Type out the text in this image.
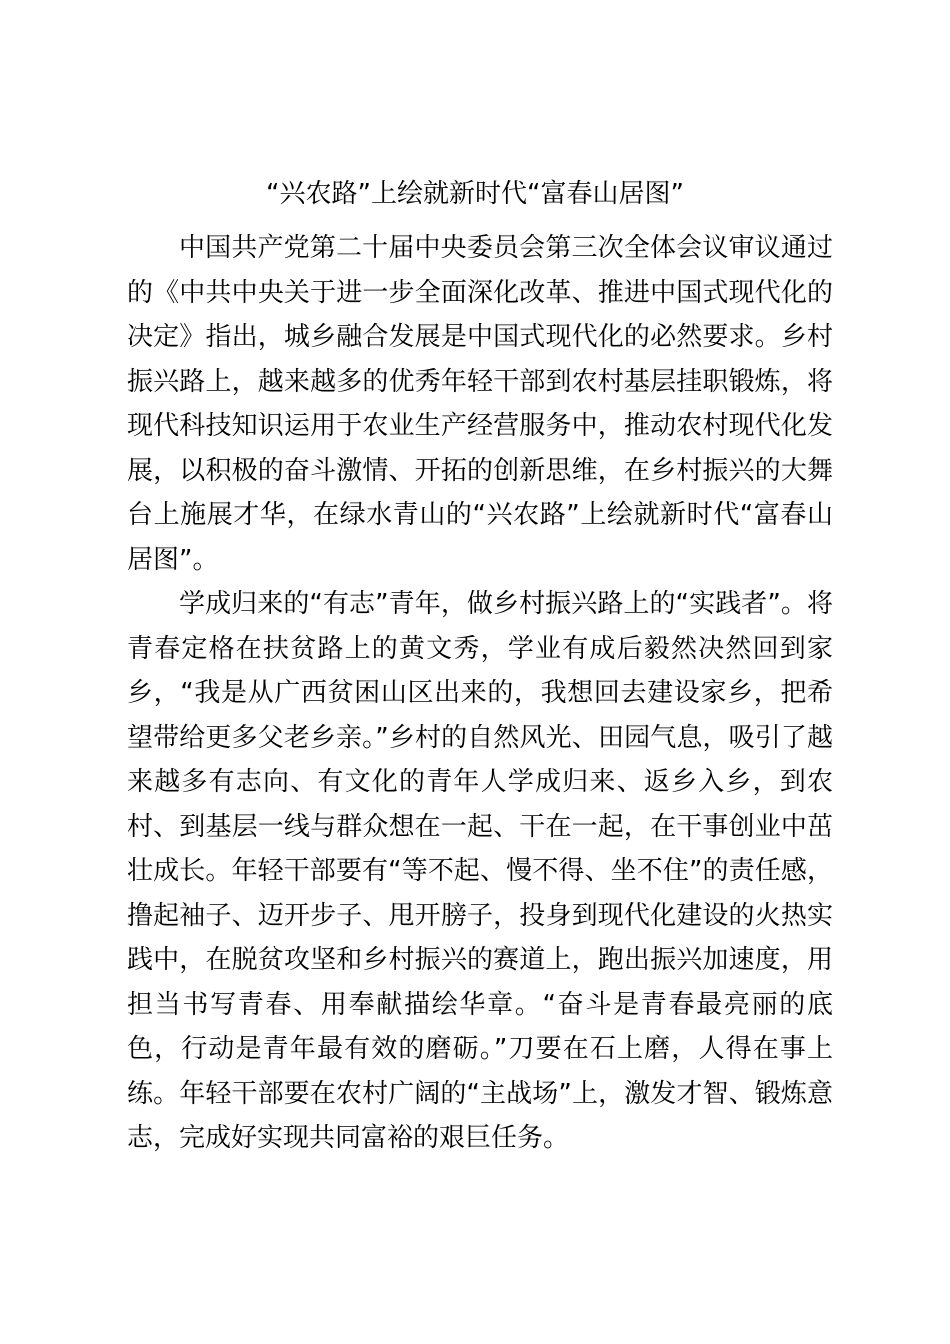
“兴农路”上绘就新时代“富春山居图”

中国共产党第二十届中央委员会第三次全体会议审议通过的《中共中央关于进一步全面深化改革、推进中国式现代化的决定》指出，城乡融合发展是中国式现代化的必然要求。乡村振兴路上，越来越多的优秀年轻干部到农村基层挂职锻炼，将现代科技知识运用于农业生产经营服务中，推动农村现代化发展，以积极的奋斗激情、开拓的创新思维，在乡村振兴的大舞台上施展才华，在绿水青山的“兴农路”上绘就新时代“富春山居图”。

学成归来的“有志”青年，做乡村振兴路上的“实践者”。将青春定格在扶贫路上的黄文秀，学业有成后毅然决然回到家乡，“我是从广西贫困山区出来的，我想回去建设家乡，把希望带给更多父老乡亲。”乡村的自然风光、田园气息，吸引了越来越多有志向、有文化的青年人学成归来、返乡入乡，到农村、到基层一线与群众想在一起、干在一起，在干事创业中茁壮成长。年轻干部要有“等不起、慢不得、坐不住”的责任感，撸起袖子、迈开步子、甩开膀子，投身到现代化建设的火热实践中，在脱贫攻坚和乡村振兴的赛道上，跑出振兴加速度，用担当书写青春、用奉献描绘华章。“奋斗是青春最亮丽的底色，行动是青年最有效的磨砺。”刀要在石上磨，人得在事上练。年轻干部要在农村广阔的“主战场”上，激发才智、锻炼意志，完成好实现共同富裕的艰巨任务。
